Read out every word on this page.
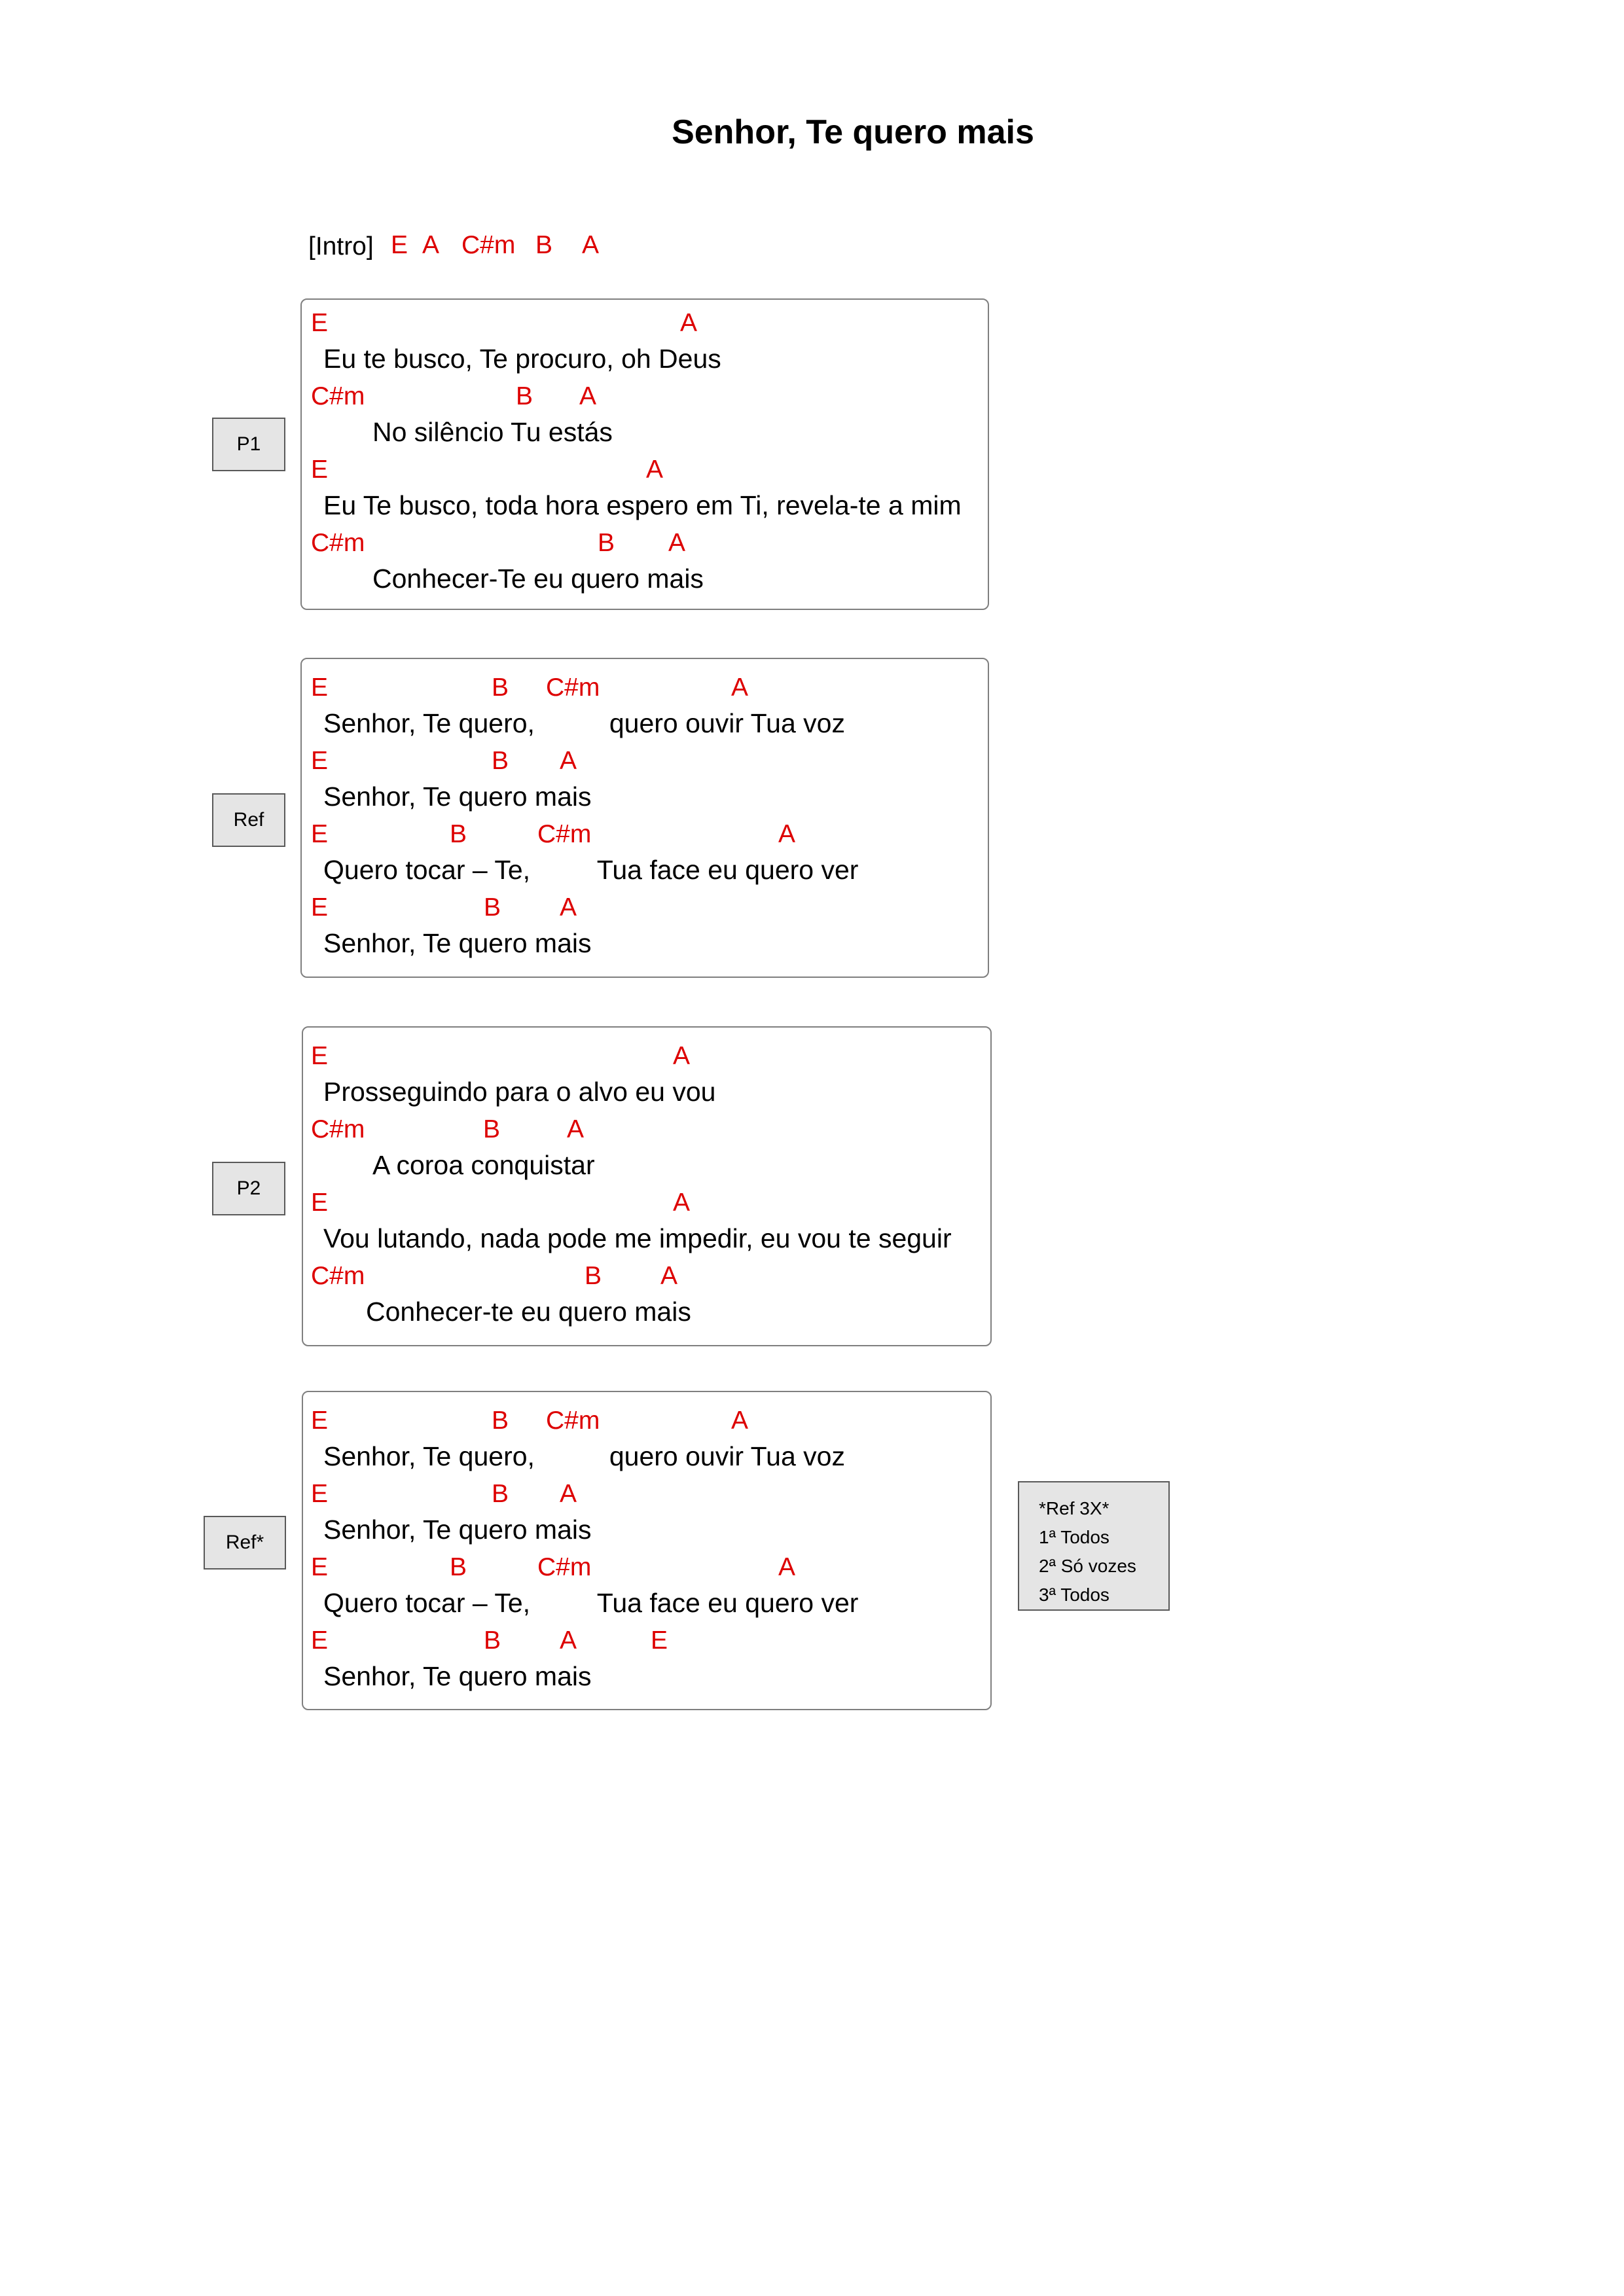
Senhor, Te quero mais
[Intro] E A C#m B A
P1
E	A
Eu te busco, Te procuro, oh Deus
C#m	B A
No silêncio Tu estás
E	A
Eu Te busco, toda hora espero em Ti, revela-te a mim
C#m	B A
Conhecer-Te eu quero mais
Ref
E	B C#m	A
Senhor, Te quero,          quero ouvir Tua voz
E	B A
Senhor, Te quero mais
E	B	C#m	A
Quero tocar – Te,         Tua face eu quero ver
E	B A
Senhor, Te quero mais
P2
E	A
Prosseguindo para o alvo eu vou
C#m	B	A
A coroa conquistar
E	A
Vou lutando, nada pode me impedir, eu vou te seguir
C#m	B A
Conhecer-te eu quero mais
Ref*
E	B C#m	A
Senhor, Te quero,          quero ouvir Tua voz
E	B A
Senhor, Te quero mais
E	B	C#m	A
Quero tocar – Te,         Tua face eu quero ver
E	B A	E
Senhor, Te quero mais
*Ref 3X*
1ª Todos
2ª Só vozes
3ª Todos
